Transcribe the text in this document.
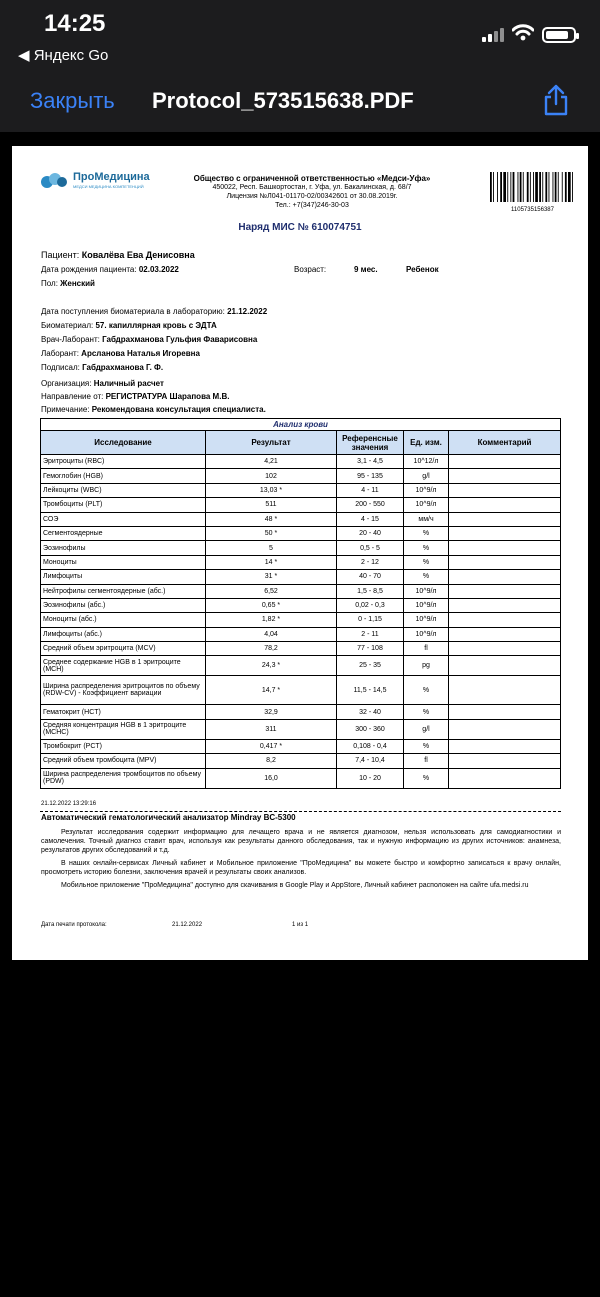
14:25
◀ Яндекс Go
Закрыть Protocol_573515638.PDF
ПроМедицина
МЕДСИ МЕДИЦИНА КОМПЕТЕНЦИЙ
Общество с ограниченной ответственностью «Медси-Уфа»
450022, Респ. Башкортостан, г. Уфа, ул. Бакалинская, д. 68/7
Лицензия №Л041-01170-02/00342601 от 30.08.2019г.
Тел.: +7(347)246-30-03
1105735156387
Наряд МИС № 610074751
Пациент: Ковалёва Ева Денисовна
Дата рождения пациента: 02.03.2022	Возраст:	9 мес.	Ребенок
Пол: Женский
Дата поступления биоматериала в лабораторию: 21.12.2022
Биоматериал: 57. капиллярная кровь с ЭДТА
Врач-Лаборант: Габдрахманова Гульфия Фаварисовна
Лаборант: Арсланова Наталья Игоревна
Подписал: Габдрахманова Г. Ф.
Организация: Наличный расчет
Направление от: РЕГИСТРАТУРА Шарапова М.В.
Примечание: Рекомендована консультация специалиста.
Анализ крови				
Исследование	Результат	Референсные значения	Ед. изм.	Комментарий
Эритроциты (RBC)	4,21	3,1 - 4,5	10^12/л	
Гемоглобин (HGB)	102	95 - 135	g/l	
Лейкоциты (WBC)	13,03 *	4 - 11	10^9/л	
Тромбоциты (PLT)	511	200 - 550	10^9/л	
СОЭ	48 *	4 - 15	мм/ч	
Сегментоядерные	50 *	20 - 40	%	
Эозинофилы	5	0,5 - 5	%	
Моноциты	14 *	2 - 12	%	
Лимфоциты	31 *	40 - 70	%	
Нейтрофилы сегментоядерные (абс.)	6,52	1,5 - 8,5	10^9/л	
Эозинофилы (абс.)	0,65 *	0,02 - 0,3	10^9/л	
Моноциты (абс.)	1,82 *	0 - 1,15	10^9/л	
Лимфоциты (абс.)	4,04	2 - 11	10^9/л	
Средний объем эритроцита (MCV)	78,2	77 - 108	fl	
Среднее содержание HGB в 1 эритроците (MCH)	24,3 *	25 - 35	pg	
Ширина распределения эритроцитов по объему (RDW-CV) - Коэффициент вариации	14,7 *	11,5 - 14,5	%	
Гематокрит (HCT)	32,9	32 - 40	%	
Средняя концентрация HGB в 1 эритроците (MCHC)	311	300 - 360	g/l	
Тромбокрит (PCT)	0,417 *	0,108 - 0,4	%	
Средний объем тромбоцита (MPV)	8,2	7,4 - 10,4	fl	
Ширина распределения тромбоцитов по объему (PDW)	16,0	10 - 20	%	
21.12.2022 13:29:16
Автоматический гематологический анализатор Mindray BC-5300
Результат исследования содержит информацию для лечащего врача и не является диагнозом, нельзя использовать для самодиагностики и самолечения. Точный диагноз ставит врач, используя как результаты данного обследования, так и нужную информацию из других источников: анамнеза, результатов других обследований и т.д.
В наших онлайн-сервисах Личный кабинет и Мобильное приложение "ПроМедицина" вы можете быстро и комфортно записаться к врачу онлайн, просмотреть историю болезни, заключения врачей и результаты своих анализов.
Мобильное приложение "ПроМедицина" доступно для скачивания в Google Play и AppStore, Личный кабинет расположен на сайте ufa.medsi.ru
Дата печати протокола:	21.12.2022	1 из 1
